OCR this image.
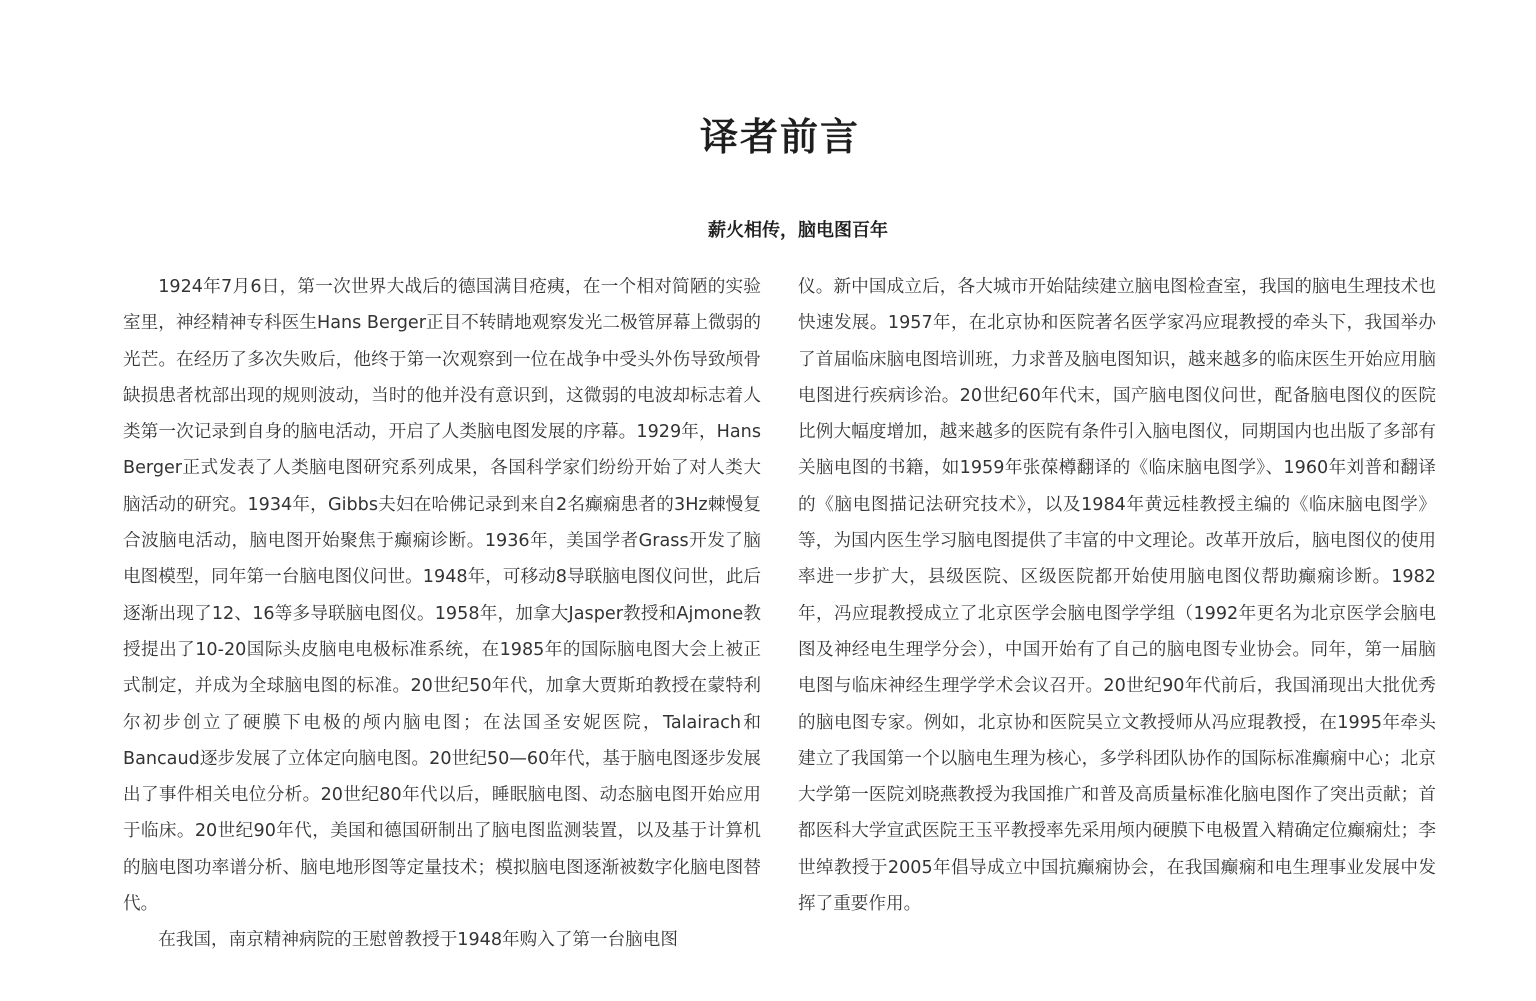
译者前言
薪火相传，脑电图百年

1924年7月6日，第一次世界大战后的德国满目疮痍，在一个相对简陋的实验室里，神经精神专科医生Hans Berger正目不转睛地观察发光二极管屏幕上微弱的光芒。在经历了多次失败后，他终于第一次观察到一位在战争中受头外伤导致颅骨缺损患者枕部出现的规则波动，当时的他并没有意识到，这微弱的电波却标志着人类第一次记录到自身的脑电活动，开启了人类脑电图发展的序幕。1929年，Hans Berger正式发表了人类脑电图研究系列成果，各国科学家们纷纷开始了对人类大脑活动的研究。1934年，Gibbs夫妇在哈佛记录到来自2名癫痫患者的3Hz棘慢复合波脑电活动，脑电图开始聚焦于癫痫诊断。1936年，美国学者Grass开发了脑电图模型，同年第一台脑电图仪问世。1948年，可移动8导联脑电图仪问世，此后逐渐出现了12、16等多导联脑电图仪。1958年，加拿大Jasper教授和Ajmone教授提出了10-20国际头皮脑电电极标准系统，在1985年的国际脑电图大会上被正式制定，并成为全球脑电图的标准。20世纪50年代，加拿大贾斯珀教授在蒙特利尔初步创立了硬膜下电极的颅内脑电图；在法国圣安妮医院，Talairach和Bancaud逐步发展了立体定向脑电图。20世纪50—60年代，基于脑电图逐步发展出了事件相关电位分析。20世纪80年代以后，睡眠脑电图、动态脑电图开始应用于临床。20世纪90年代，美国和德国研制出了脑电图监测装置，以及基于计算机的脑电图功率谱分析、脑电地形图等定量技术；模拟脑电图逐渐被数字化脑电图替代。

在我国，南京精神病院的王慰曾教授于1948年购入了第一台脑电图

仪。新中国成立后，各大城市开始陆续建立脑电图检查室，我国的脑电生理技术也快速发展。1957年，在北京协和医院著名医学家冯应琨教授的牵头下，我国举办了首届临床脑电图培训班，力求普及脑电图知识，越来越多的临床医生开始应用脑电图进行疾病诊治。20世纪60年代末，国产脑电图仪问世，配备脑电图仪的医院比例大幅度增加，越来越多的医院有条件引入脑电图仪，同期国内也出版了多部有关脑电图的书籍，如1959年张葆樽翻译的《临床脑电图学》、1960年刘普和翻译的《脑电图描记法研究技术》，以及1984年黄远桂教授主编的《临床脑电图学》等，为国内医生学习脑电图提供了丰富的中文理论。改革开放后，脑电图仪的使用率进一步扩大，县级医院、区级医院都开始使用脑电图仪帮助癫痫诊断。1982年，冯应琨教授成立了北京医学会脑电图学学组（1992年更名为北京医学会脑电图及神经电生理学分会），中国开始有了自己的脑电图专业协会。同年，第一届脑电图与临床神经生理学学术会议召开。20世纪90年代前后，我国涌现出大批优秀的脑电图专家。例如，北京协和医院吴立文教授师从冯应琨教授，在1995年牵头建立了我国第一个以脑电生理为核心，多学科团队协作的国际标准癫痫中心；北京大学第一医院刘晓燕教授为我国推广和普及高质量标准化脑电图作了突出贡献；首都医科大学宣武医院王玉平教授率先采用颅内硬膜下电极置入精确定位癫痫灶；李世绰教授于2005年倡导成立中国抗癫痫协会，在我国癫痫和电生理事业发展中发挥了重要作用。
